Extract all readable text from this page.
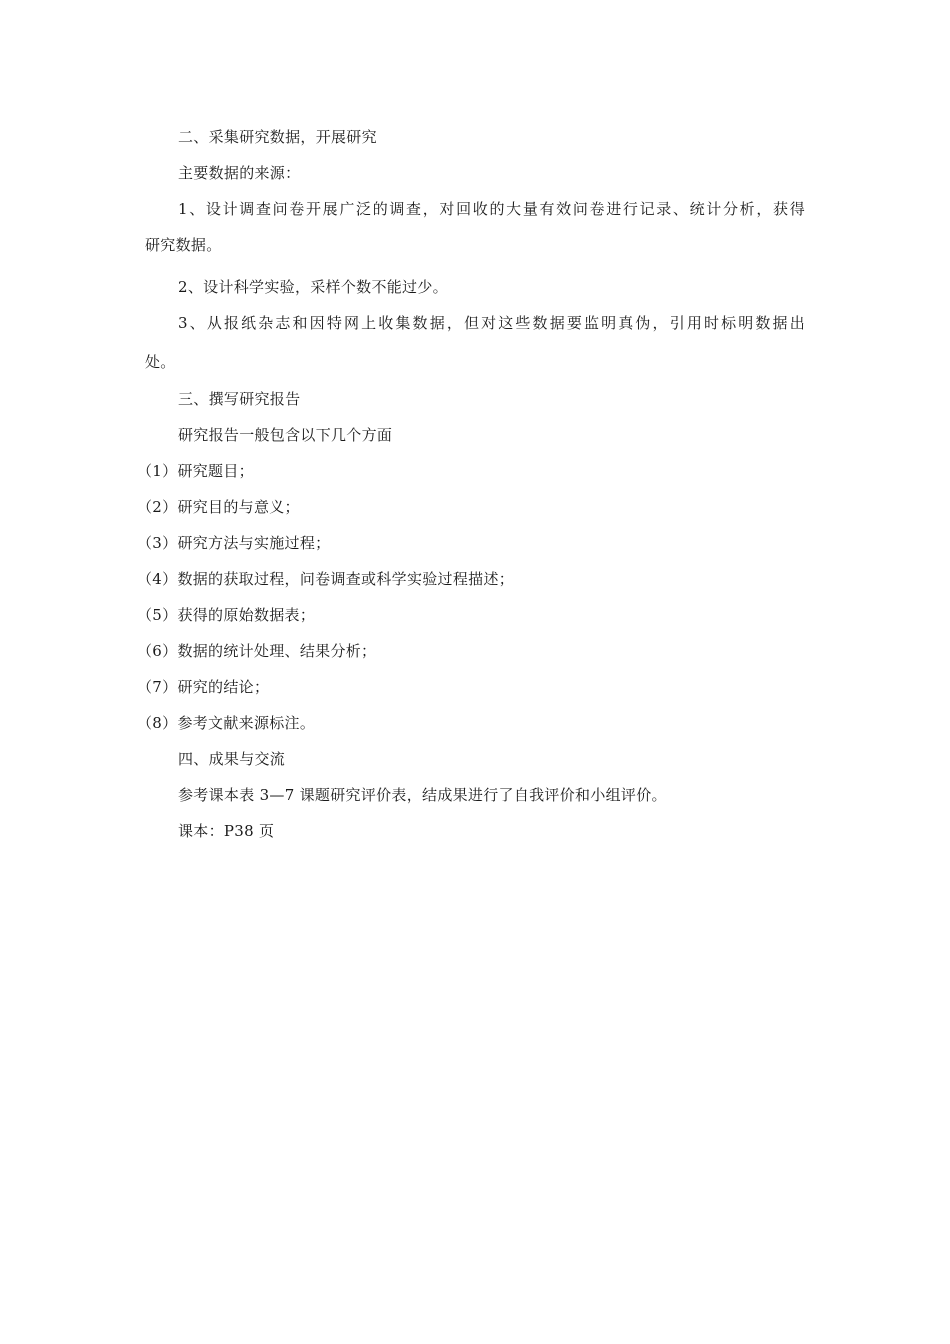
二、采集研究数据，开展研究
主要数据的来源：
1、设计调查问卷开展广泛的调查，对回收的大量有效问卷进行记录、统计分析，获得
研究数据。
2、设计科学实验，采样个数不能过少。
3、从报纸杂志和因特网上收集数据，但对这些数据要监明真伪，引用时标明数据出
处。
三、撰写研究报告
研究报告一般包含以下几个方面
（1）研究题目；
（2）研究目的与意义；
（3）研究方法与实施过程；
（4）数据的获取过程，问卷调查或科学实验过程描述；
（5）获得的原始数据表；
（6）数据的统计处理、结果分析；
（7）研究的结论；
（8）参考文献来源标注。
四、成果与交流
参考课本表 3—7 课题研究评价表，结成果进行了自我评价和小组评价。
课本：P38 页
